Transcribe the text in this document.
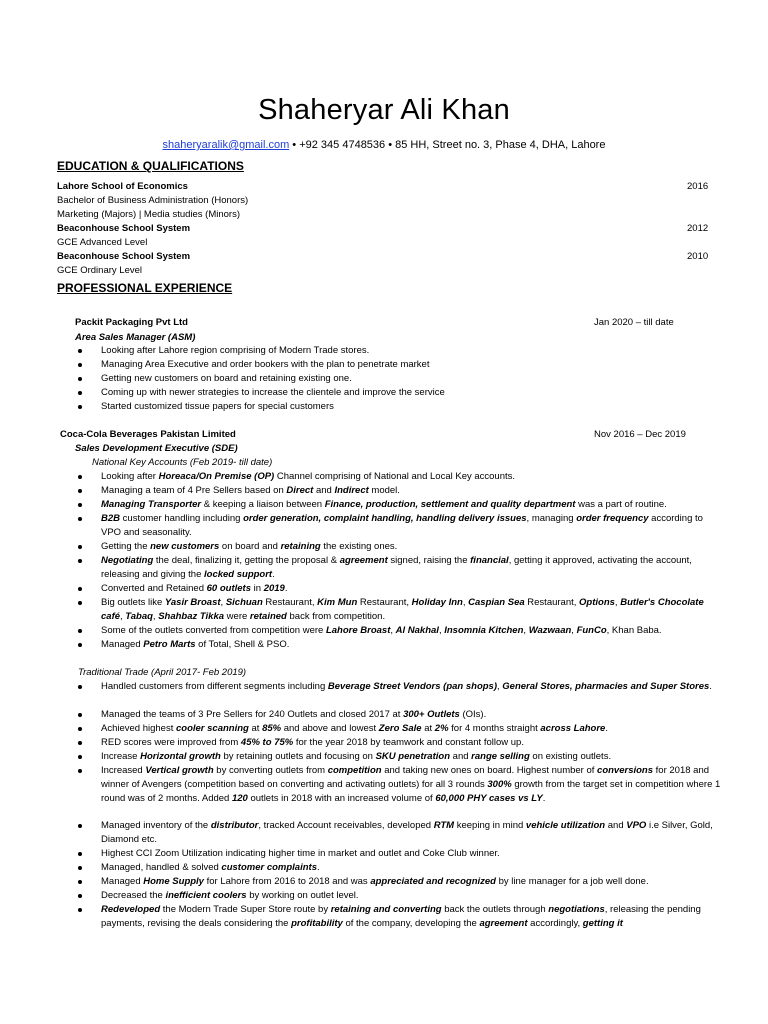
Shaheryar Ali Khan
shaheryaralik@gmail.com • +92 345 4748536 • 85 HH, Street no. 3, Phase 4, DHA, Lahore
EDUCATION & QUALIFICATIONS
Lahore School of Economics	2016
Bachelor of Business Administration (Honors)
Marketing (Majors) | Media studies (Minors)
Beaconhouse School System	2012
GCE Advanced Level
Beaconhouse School System	2010
GCE Ordinary Level
PROFESSIONAL EXPERIENCE
Packit Packaging Pvt Ltd	Jan 2020 – till date
Area Sales Manager (ASM)
Looking after Lahore region comprising of Modern Trade stores.
Managing Area Executive and order bookers with the plan to penetrate market
Getting new customers on board and retaining existing one.
Coming up with newer strategies to increase the clientele and improve the service
Started customized tissue papers for special customers
Coca-Cola Beverages Pakistan Limited	Nov 2016 – Dec 2019
Sales Development Executive (SDE)
National Key Accounts (Feb 2019- till date)
Looking after Horeaca/On Premise (OP) Channel comprising of National and Local Key accounts.
Managing a team of 4 Pre Sellers based on Direct and Indirect model.
Managing Transporter & keeping a liaison between Finance, production, settlement and quality department was a part of routine.
B2B customer handling including order generation, complaint handling, handling delivery issues, managing order frequency according to VPO and seasonality.
Getting the new customers on board and retaining the existing ones.
Negotiating the deal, finalizing it, getting the proposal & agreement signed, raising the financial, getting it approved, activating the account, releasing and giving the locked support.
Converted and Retained 60 outlets in 2019.
Big outlets like Yasir Broast, Sichuan Restaurant, Kim Mun Restaurant, Holiday Inn, Caspian Sea Restaurant, Options, Butler's Chocolate café, Tabaq, Shahbaz Tikka were retained back from competition.
Some of the outlets converted from competition were Lahore Broast, Al Nakhal, Insomnia Kitchen, Wazwaan, FunCo, Khan Baba.
Managed Petro Marts of Total, Shell & PSO.
Traditional Trade (April 2017- Feb 2019)
Handled customers from different segments including Beverage Street Vendors (pan shops), General Stores, pharmacies and Super Stores.
Managed the teams of 3 Pre Sellers for 240 Outlets and closed 2017 at 300+ Outlets (OIs).
Achieved highest cooler scanning at 85% and above and lowest Zero Sale at 2% for 4 months straight across Lahore.
RED scores were improved from 45% to 75% for the year 2018 by teamwork and constant follow up.
Increase Horizontal growth by retaining outlets and focusing on SKU penetration and range selling on existing outlets.
Increased Vertical growth by converting outlets from competition and taking new ones on board. Highest number of conversions for 2018 and winner of Avengers (competition based on converting and activating outlets) for all 3 rounds 300% growth from the target set in competition where 1 round was of 2 months. Added 120 outlets in 2018 with an increased volume of 60,000 PHY cases vs LY.
Managed inventory of the distributor, tracked Account receivables, developed RTM keeping in mind vehicle utilization and VPO i.e Silver, Gold, Diamond etc.
Highest CCI Zoom Utilization indicating higher time in market and outlet and Coke Club winner.
Managed, handled & solved customer complaints.
Managed Home Supply for Lahore from 2016 to 2018 and was appreciated and recognized by line manager for a job well done.
Decreased the inefficient coolers by working on outlet level.
Redeveloped the Modern Trade Super Store route by retaining and converting back the outlets through negotiations, releasing the pending payments, revising the deals considering the profitability of the company, developing the agreement accordingly, getting it
